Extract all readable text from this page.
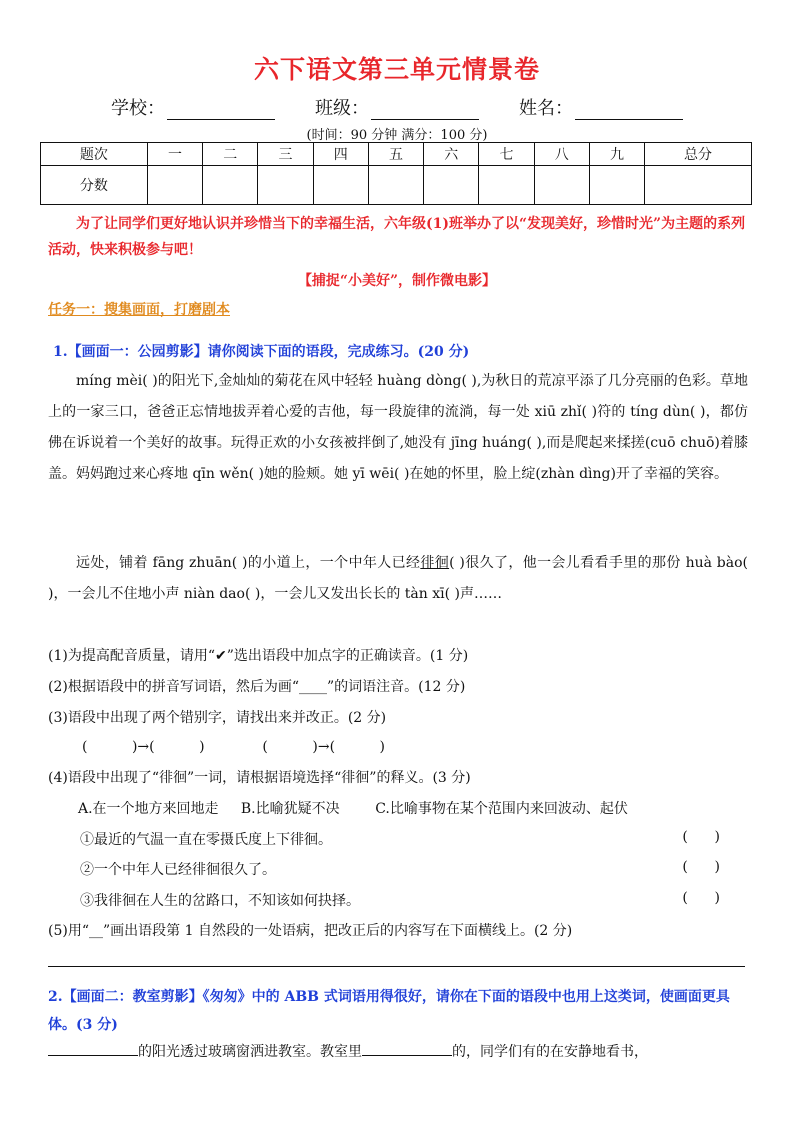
六下语文第三单元情景卷
学校：	班级：	姓名：
(时间：90 分钟 满分：100 分)
题次	一	二	三	四	五	六	七	八	九	总分
分数										
为了让同学们更好地认识并珍惜当下的幸福生活，六年级(1)班举办了以“发现美好，珍惜时光”为主题的系列活动，快来积极参与吧！
【捕捉“小美好”，制作微电影】
任务一：搜集画面，打磨剧本
1.【画面一：公园剪影】请你阅读下面的语段，完成练习。(20 分)
míng mèi( )的阳光下,金灿灿的菊花在风中轻轻 huàng dòng( ),为秋日的荒凉平添了几分亮丽的色彩。草地上的一家三口，爸爸正忘情地拔弄着心爱的吉他，每一段旋律的流淌，每一处 xiū zhǐ( )符的 tíng dùn( )，都仿佛在诉说着一个美好的故事。玩得正欢的小女孩被拌倒了,她没有 jīng huáng( ),而是爬起来揉搓(cuō chuō)着膝盖。妈妈跑过来心疼地 qīn wěn( )她的脸颊。她 yī wēi( )在她的怀里，脸上绽(zhàn dìng)开了幸福的笑容。
远处，铺着 fāng zhuān( )的小道上，一个中年人已经徘徊( )很久了，他一会儿看看手里的那份 huà bào( )，一会儿不住地小声 niàn dao( )，一会儿又发出长长的 tàn xī( )声……
(1)为提高配音质量，请用“✔”选出语段中加点字的正确读音。(1 分)
(2)根据语段中的拼音写词语，然后为画“____”的词语注音。(12 分)
(3)语段中出现了两个错别字，请找出来并改正。(2 分)
(          )→(          )             (          )→(          )
(4)语段中出现了“徘徊”一词，请根据语境选择“徘徊”的释义。(3 分)
A.在一个地方来回地走 B.比喻犹疑不决	C.比喻事物在某个范围内来回波动、起伏
①最近的气温一直在零摄氏度上下徘徊。	(      )
②一个中年人已经徘徊很久了。	(      )
③我徘徊在人生的岔路口，不知该如何抉择。	(      )
(5)用“__”画出语段第 1 自然段的一处语病，把改正后的内容写在下面横线上。(2 分)
2.【画面二：教室剪影】《匆匆》中的 ABB 式词语用得很好，请你在下面的语段中也用上这类词，使画面更具体。(3 分)
的阳光透过玻璃窗洒进教室。教室里	的，同学们有的在安静地看书，
